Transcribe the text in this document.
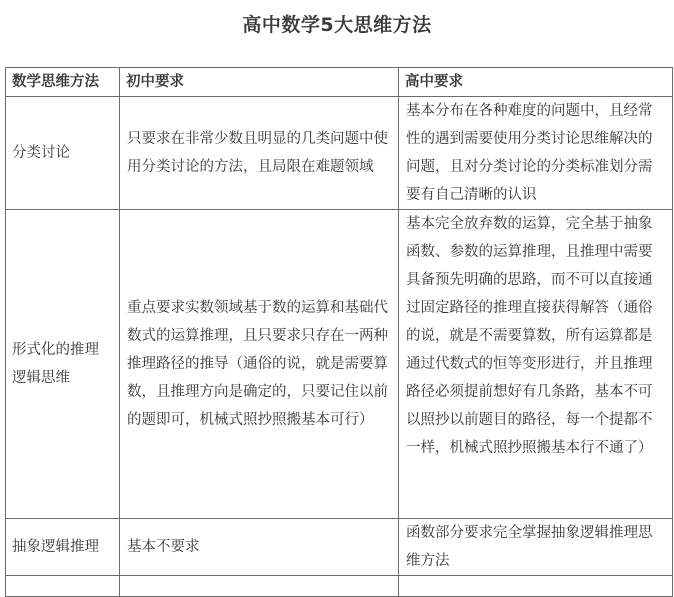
高中数学5大思维方法
数学思维方法	初中要求	高中要求
分类讨论	只要求在非常少数且明显的几类问题中使用分类讨论的方法，且局限在难题领域	基本分布在各种难度的问题中，且经常性的遇到需要使用分类讨论思维解决的问题，且对分类讨论的分类标准划分需要有自己清晰的认识
形式化的推理逻辑思维	重点要求实数领域基于数的运算和基础代数式的运算推理，且只要求只存在一两种推理路径的推导（通俗的说，就是需要算数，且推理方向是确定的，只要记住以前的题即可，机械式照抄照搬基本可行）	基本完全放弃数的运算，完全基于抽象函数、参数的运算推理，且推理中需要具备预先明确的思路，而不可以直接通过固定路径的推理直接获得解答（通俗的说，就是不需要算数，所有运算都是通过代数式的恒等变形进行，并且推理路径必须提前想好有几条路，基本不可以照抄以前题目的路径，每一个提都不一样，机械式照抄照搬基本行不通了）
抽象逻辑推理	基本不要求	函数部分要求完全掌握抽象逻辑推理思维方法
